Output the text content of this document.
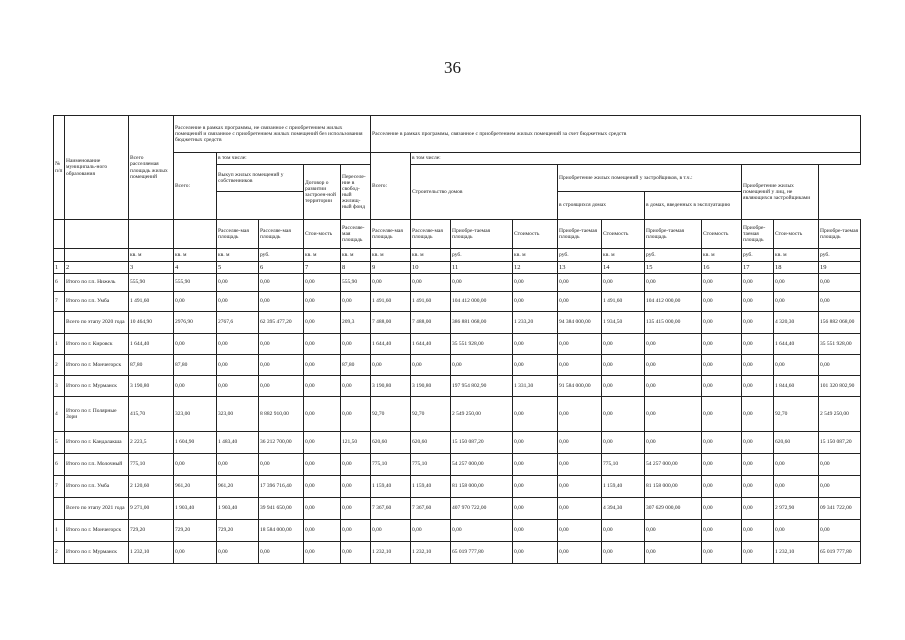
36
№ п/п	Наименование муниципаль-ного образования	Всего расселяемая площадь жилых помещений	Расселение в рамках программы, не связанное с приобретением жилых помещений и связанное с приобретением жилых помещений без использования бюджетных средств					Расселение в рамках программы, связанное с приобретением жилых помещений за счет бюджетных средств										
			Всего:	в том числе:				Всего:	в том числе:									
				Выкуп жилых помещений у собственников		Договор о развитии застроен-ной территории	Переселе-ние в свобод-ный жилищ-ный фонд		Строительство домов			Приобретение жилых помещений у застройщиков, в т.ч.:				Приобретение жилых помещений у лиц, не являющихся застройщиками		
												в строящихся домах		в домах, введенных в эксплуатацию				
				Расселяе-мая площадь	Расселяе-мая площадь	Стои-мость	Расселяе-мая площадь	Расселяе-мая площадь	Расселяе-мая площадь	Приобре-таемая площадь	Стоимость	Приобре-таемая площадь	Стоимость	Приобре-таемая площадь	Стоимость	Приобре-таемая площадь	Стои-мость	Приобре-таемая площадь
		кв. м	кв. м	кв. м	руб.	кв. м	кв. м	кв. м	кв. м	руб.	кв. м	руб.	кв. м	руб.	кв. м	руб.	кв. м	руб.
1	2	3	4	5	6	7	8	9	10	11	12	13	14	15	16	17	18	19
6	Итого по г.п. Нижель	555,90	555,90	0,00	0,00	0,00	555,90	0,00	0,00	0,00	0,00	0,00	0,00	0,00	0,00	0,00	0,00	0,00
7	Итого по г.п. Умба	1 491,60	0,00	0,00	0,00	0,00	0,00	1 491,60	1 491,60	104 412 000,00	0,00	0,00	1 491,60	104 412 000,00	0,00	0,00	0,00	0,00
	Всего по этапу 2020 года	10 464,90	2976,90	2767,6	62 395 477,20	0,00	209,3	7 488,00	7 488,00	386 881 068,00	1 233,20	94 384 000,00	1 934,50	135 415 000,00	0,00	0,00	4 320,30	156 882 068,00
1	Итого по г. Кировск	1 644,40	0,00	0,00	0,00	0,00	0,00	1 644,40	1 644,40	35 551 928,00	0,00	0,00	0,00	0,00	0,00	0,00	1 644,40	35 551 928,00
2	Итого по г. Мончегорск	87,80	87,80	0,00	0,00	0,00	87,80	0,00	0,00	0,00	0,00	0,00	0,00	0,00	0,00	0,00	0,00	0,00
3	Итого по г. Мурманск	3 190,80	0,00	0,00	0,00	0,00	0,00	3 190,80	3 190,80	197 954 802,90	1 331,30	91 584 000,00	0,00	0,00	0,00	0,00	1 844,60	101 320 802,90
4	Итого по г. Полярные Зори	415,70	323,00	323,00	8 882 910,00	0,00	0,00	92,70	92,70	2 549 250,00	0,00	0,00	0,00	0,00	0,00	0,00	92,70	2 549 250,00
5	Итого по г. Кандалакша	2 223,5	1 604,90	1 483,40	36 212 700,00	0,00	121,50	620,60	620,60	15 150 087,20	0,00	0,00	0,00	0,00	0,00	0,00	620,60	15 150 087,20
6	Итого по г.п. Молочный	775,10	0,00	0,00	0,00	0,00	0,00	775,10	775,10	54 257 000,00	0,00	0,00	775,10	54 257 000,00	0,00	0,00	0,00	0,00
7	Итого по г.п. Умба	2 120,60	961,20	961,20	17 396 716,40	0,00	0,00	1 159,40	1 159,40	81 158 000,00	0,00	0,00	1 159,40	81 158 000,00	0,00	0,00	0,00	0,00
	Всего по этапу 2021 года	9 271,00	1 903,40	1 903,40	39 941 650,00	0,00	0,00	7 367,60	7 367,60	407 970 722,00	0,00	0,00	4 394,30	307 629 000,00	0,00	0,00	2 972,90	09 341 722,00
1	Итого по г. Мончегорск	729,20	729,20	729,20	18 584 000,00	0,00	0,00	0,00	0,00	0,00	0,00	0,00	0,00	0,00	0,00	0,00	0,00	0,00
2	Итого по г. Мурманск	1 232,10	0,00	0,00	0,00	0,00	0,00	1 232,10	1 232,10	65 019 777,80	0,00	0,00	0,00	0,00	0,00	0,00	1 232,10	65 019 777,80
